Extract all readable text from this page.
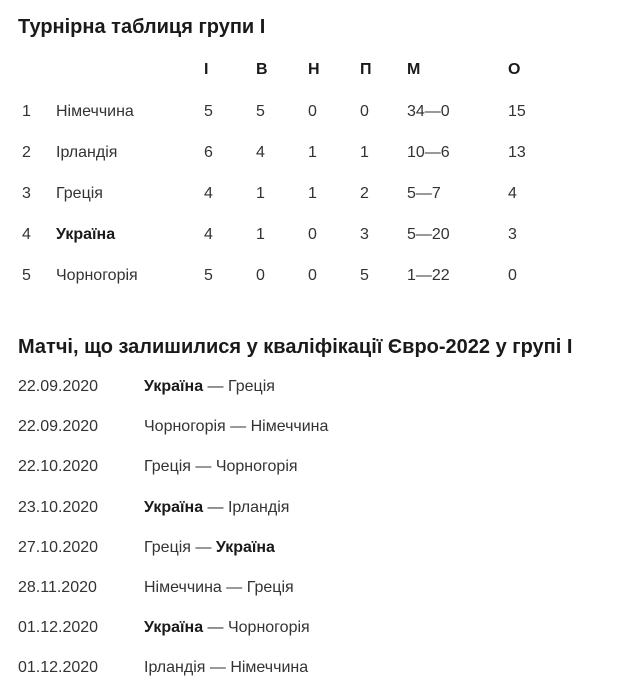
Турнірна таблиця групи I
		І	В	Н	П	М	О
1	Німеччина	5	5	0	0	34—0	15
2	Ірландія	6	4	1	1	10—6	13
3	Греція	4	1	1	2	5—7	4
4	Україна	4	1	0	3	5—20	3
5	Чорногорія	5	0	0	5	1—22	0
Матчі, що залишилися у кваліфікації Євро-2022 у групі I
22.09.2020	Україна — Греція
22.09.2020	Чорногорія — Німеччина
22.10.2020	Греція — Чорногорія
23.10.2020	Україна — Ірландія
27.10.2020	Греція — Україна
28.11.2020	Німеччина — Греція
01.12.2020	Україна — Чорногорія
01.12.2020	Ірландія — Німеччина
